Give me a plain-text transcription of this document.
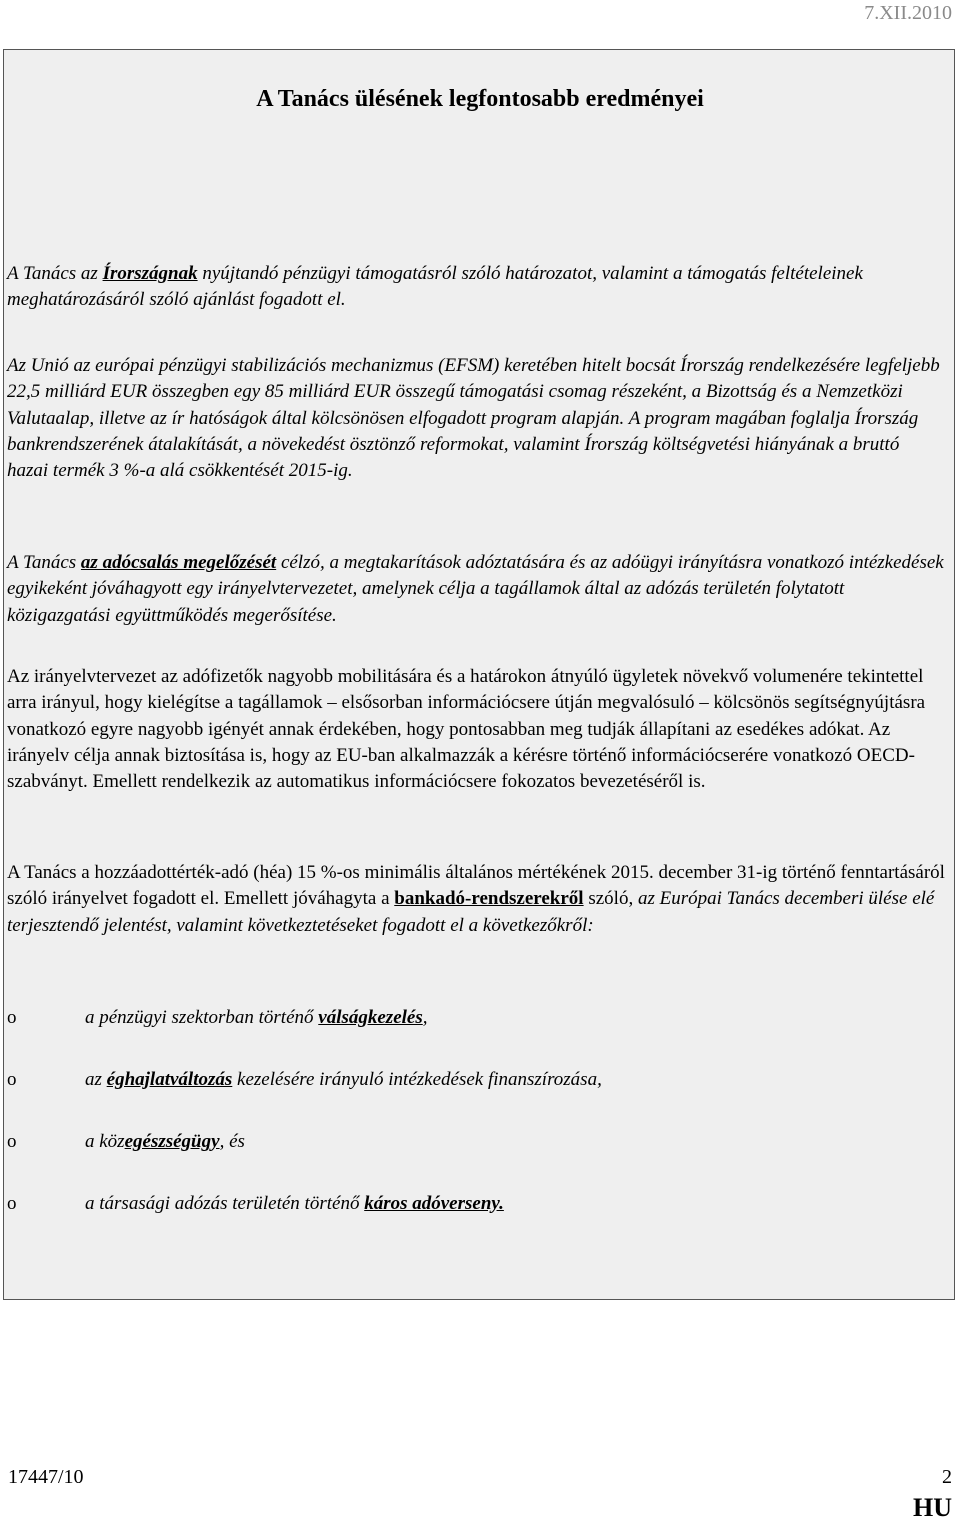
7.XII.2010
A Tanács ülésének legfontosabb eredményei

A Tanács az Írországnak nyújtandó pénzügyi támogatásról szóló határozatot, valamint a támogatás feltételeinek meghatározásáról szóló ajánlást fogadott el.

Az Unió az európai pénzügyi stabilizációs mechanizmus (EFSM) keretében hitelt bocsát Írország rendelkezésére legfeljebb 22,5 milliárd EUR összegben egy 85 milliárd EUR összegű támogatási csomag részeként, a Bizottság és a Nemzetközi Valutaalap, illetve az ír hatóságok által kölcsönösen elfogadott program alapján. A program magában foglalja Írország bankrendszerének átalakítását, a növekedést ösztönző reformokat, valamint Írország költségvetési hiányának a bruttó hazai termék 3 %-a alá csökkentését 2015-ig.

A Tanács az adócsalás megelőzését célzó, a megtakarítások adóztatására és az adóügyi irányításra vonatkozó intézkedések egyikeként jóváhagyott egy irányelvtervezetet, amelynek célja a tagállamok által az adózás területén folytatott közigazgatási együttműködés megerősítése.

Az irányelvtervezet az adófizetők nagyobb mobilitására és a határokon átnyúló ügyletek növekvő volumenére tekintettel arra irányul, hogy kielégítse a tagállamok – elsősorban információcsere útján megvalósuló – kölcsönös segítségnyújtásra vonatkozó egyre nagyobb igényét annak érdekében, hogy pontosabban meg tudják állapítani az esedékes adókat. Az irányelv célja annak biztosítása is, hogy az EU-ban alkalmazzák a kérésre történő információcserére vonatkozó OECD-szabványt. Emellett rendelkezik az automatikus információcsere fokozatos bevezetéséről is.

A Tanács a hozzáadottérték-adó (héa) 15 %-os minimális általános mértékének 2015. december 31-ig történő fenntartásáról szóló irányelvet fogadott el. Emellett jóváhagyta a bankadó-rendszerekről szóló, az Európai Tanács decemberi ülése elé terjesztendő jelentést, valamint következtetéseket fogadott el a következőkről:

o	a pénzügyi szektorban történő válságkezelés,
o	az éghajlatváltozás kezelésére irányuló intézkedések finanszírozása,
o	a közegészségügy, és
o	a társasági adózás területén történő káros adóverseny.
17447/10	2
HU
